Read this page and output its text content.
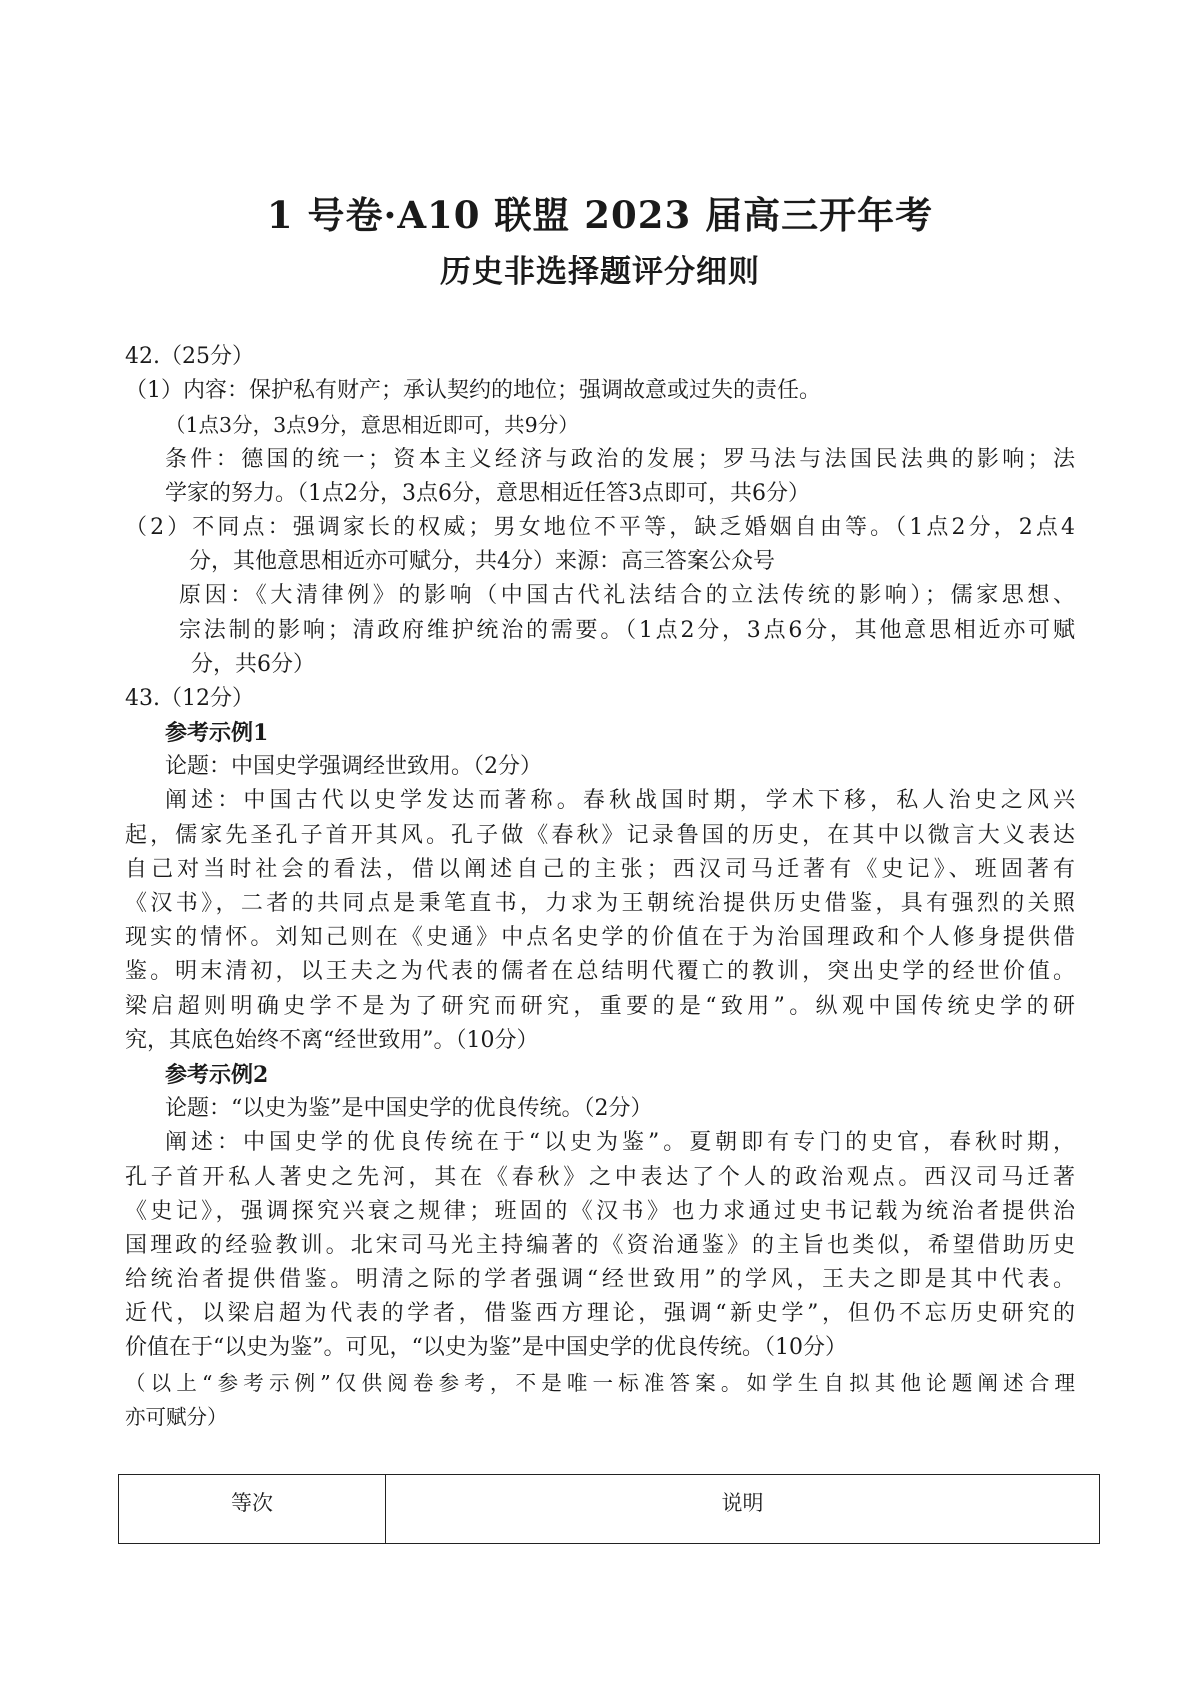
1 号卷·A10 联盟 2023 届高三开年考
历史非选择题评分细则
42.（25分）
（1）内容：保护私有财产；承认契约的地位；强调故意或过失的责任。
（1点3分，3点9分，意思相近即可，共9分）
条件：德国的统一；资本主义经济与政治的发展；罗马法与法国民法典的影响；法
学家的努力。（1点2分，3点6分，意思相近任答3点即可，共6分）
（2）不同点：强调家长的权威；男女地位不平等，缺乏婚姻自由等。（1点2分，2点4
分，其他意思相近亦可赋分，共4分）来源：高三答案公众号
原因：《大清律例》的影响（中国古代礼法结合的立法传统的影响）；儒家思想、
宗法制的影响；清政府维护统治的需要。（1点2分，3点6分，其他意思相近亦可赋
分，共6分）
43.（12分）
参考示例1
论题：中国史学强调经世致用。（2分）
阐述：中国古代以史学发达而著称。春秋战国时期，学术下移，私人治史之风兴
起，儒家先圣孔子首开其风。孔子做《春秋》记录鲁国的历史，在其中以微言大义表达
自己对当时社会的看法，借以阐述自己的主张；西汉司马迁著有《史记》、班固著有
《汉书》，二者的共同点是秉笔直书，力求为王朝统治提供历史借鉴，具有强烈的关照
现实的情怀。刘知己则在《史通》中点名史学的价值在于为治国理政和个人修身提供借
鉴。明末清初，以王夫之为代表的儒者在总结明代覆亡的教训，突出史学的经世价值。
梁启超则明确史学不是为了研究而研究，重要的是“致用”。纵观中国传统史学的研
究，其底色始终不离“经世致用”。（10分）
参考示例2
论题：“以史为鉴”是中国史学的优良传统。（2分）
阐述：中国史学的优良传统在于“以史为鉴”。夏朝即有专门的史官，春秋时期，
孔子首开私人著史之先河，其在《春秋》之中表达了个人的政治观点。西汉司马迁著
《史记》，强调探究兴衰之规律；班固的《汉书》也力求通过史书记载为统治者提供治
国理政的经验教训。北宋司马光主持编著的《资治通鉴》的主旨也类似，希望借助历史
给统治者提供借鉴。明清之际的学者强调“经世致用”的学风，王夫之即是其中代表。
近代，以梁启超为代表的学者，借鉴西方理论，强调“新史学”，但仍不忘历史研究的
价值在于“以史为鉴”。可见，“以史为鉴”是中国史学的优良传统。（10分）
（以上“参考示例”仅供阅卷参考，不是唯一标准答案。如学生自拟其他论题阐述合理
亦可赋分）
等次	说明
